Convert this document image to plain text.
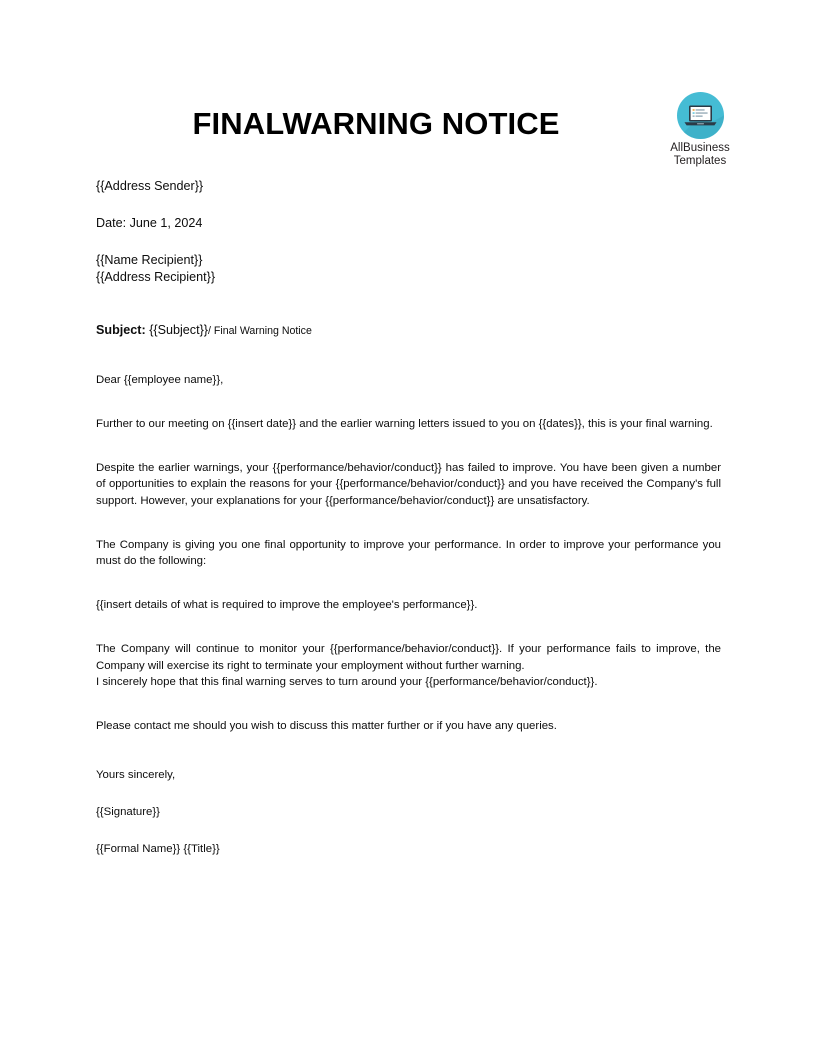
FINALWARNING NOTICE
AllBusiness
Templates
{{Address Sender}}
Date: June 1, 2024
{{Name Recipient}}
{{Address Recipient}}
Subject: {{Subject}}/ Final Warning Notice
Dear {{employee name}},
Further to our meeting on {{insert date}} and the earlier warning letters issued to you on {{dates}}, this is your final warning.
Despite the earlier warnings, your {{performance/behavior/conduct}} has failed to improve. You have been given a number of opportunities to explain the reasons for your {{performance/behavior/conduct}} and you have received the Company's full support. However, your explanations for your {{performance/behavior/conduct}} are unsatisfactory.
The Company is giving you one final opportunity to improve your performance. In order to improve your performance you must do the following:
{{insert details of what is required to improve the employee's performance}}.
The Company will continue to monitor your {{performance/behavior/conduct}}. If your performance fails to improve, the Company will exercise its right to terminate your employment without further warning.
I sincerely hope that this final warning serves to turn around your {{performance/behavior/conduct}}.
Please contact me should you wish to discuss this matter further or if you have any queries.
Yours sincerely,
{{Signature}}
{{Formal Name}} {{Title}}
